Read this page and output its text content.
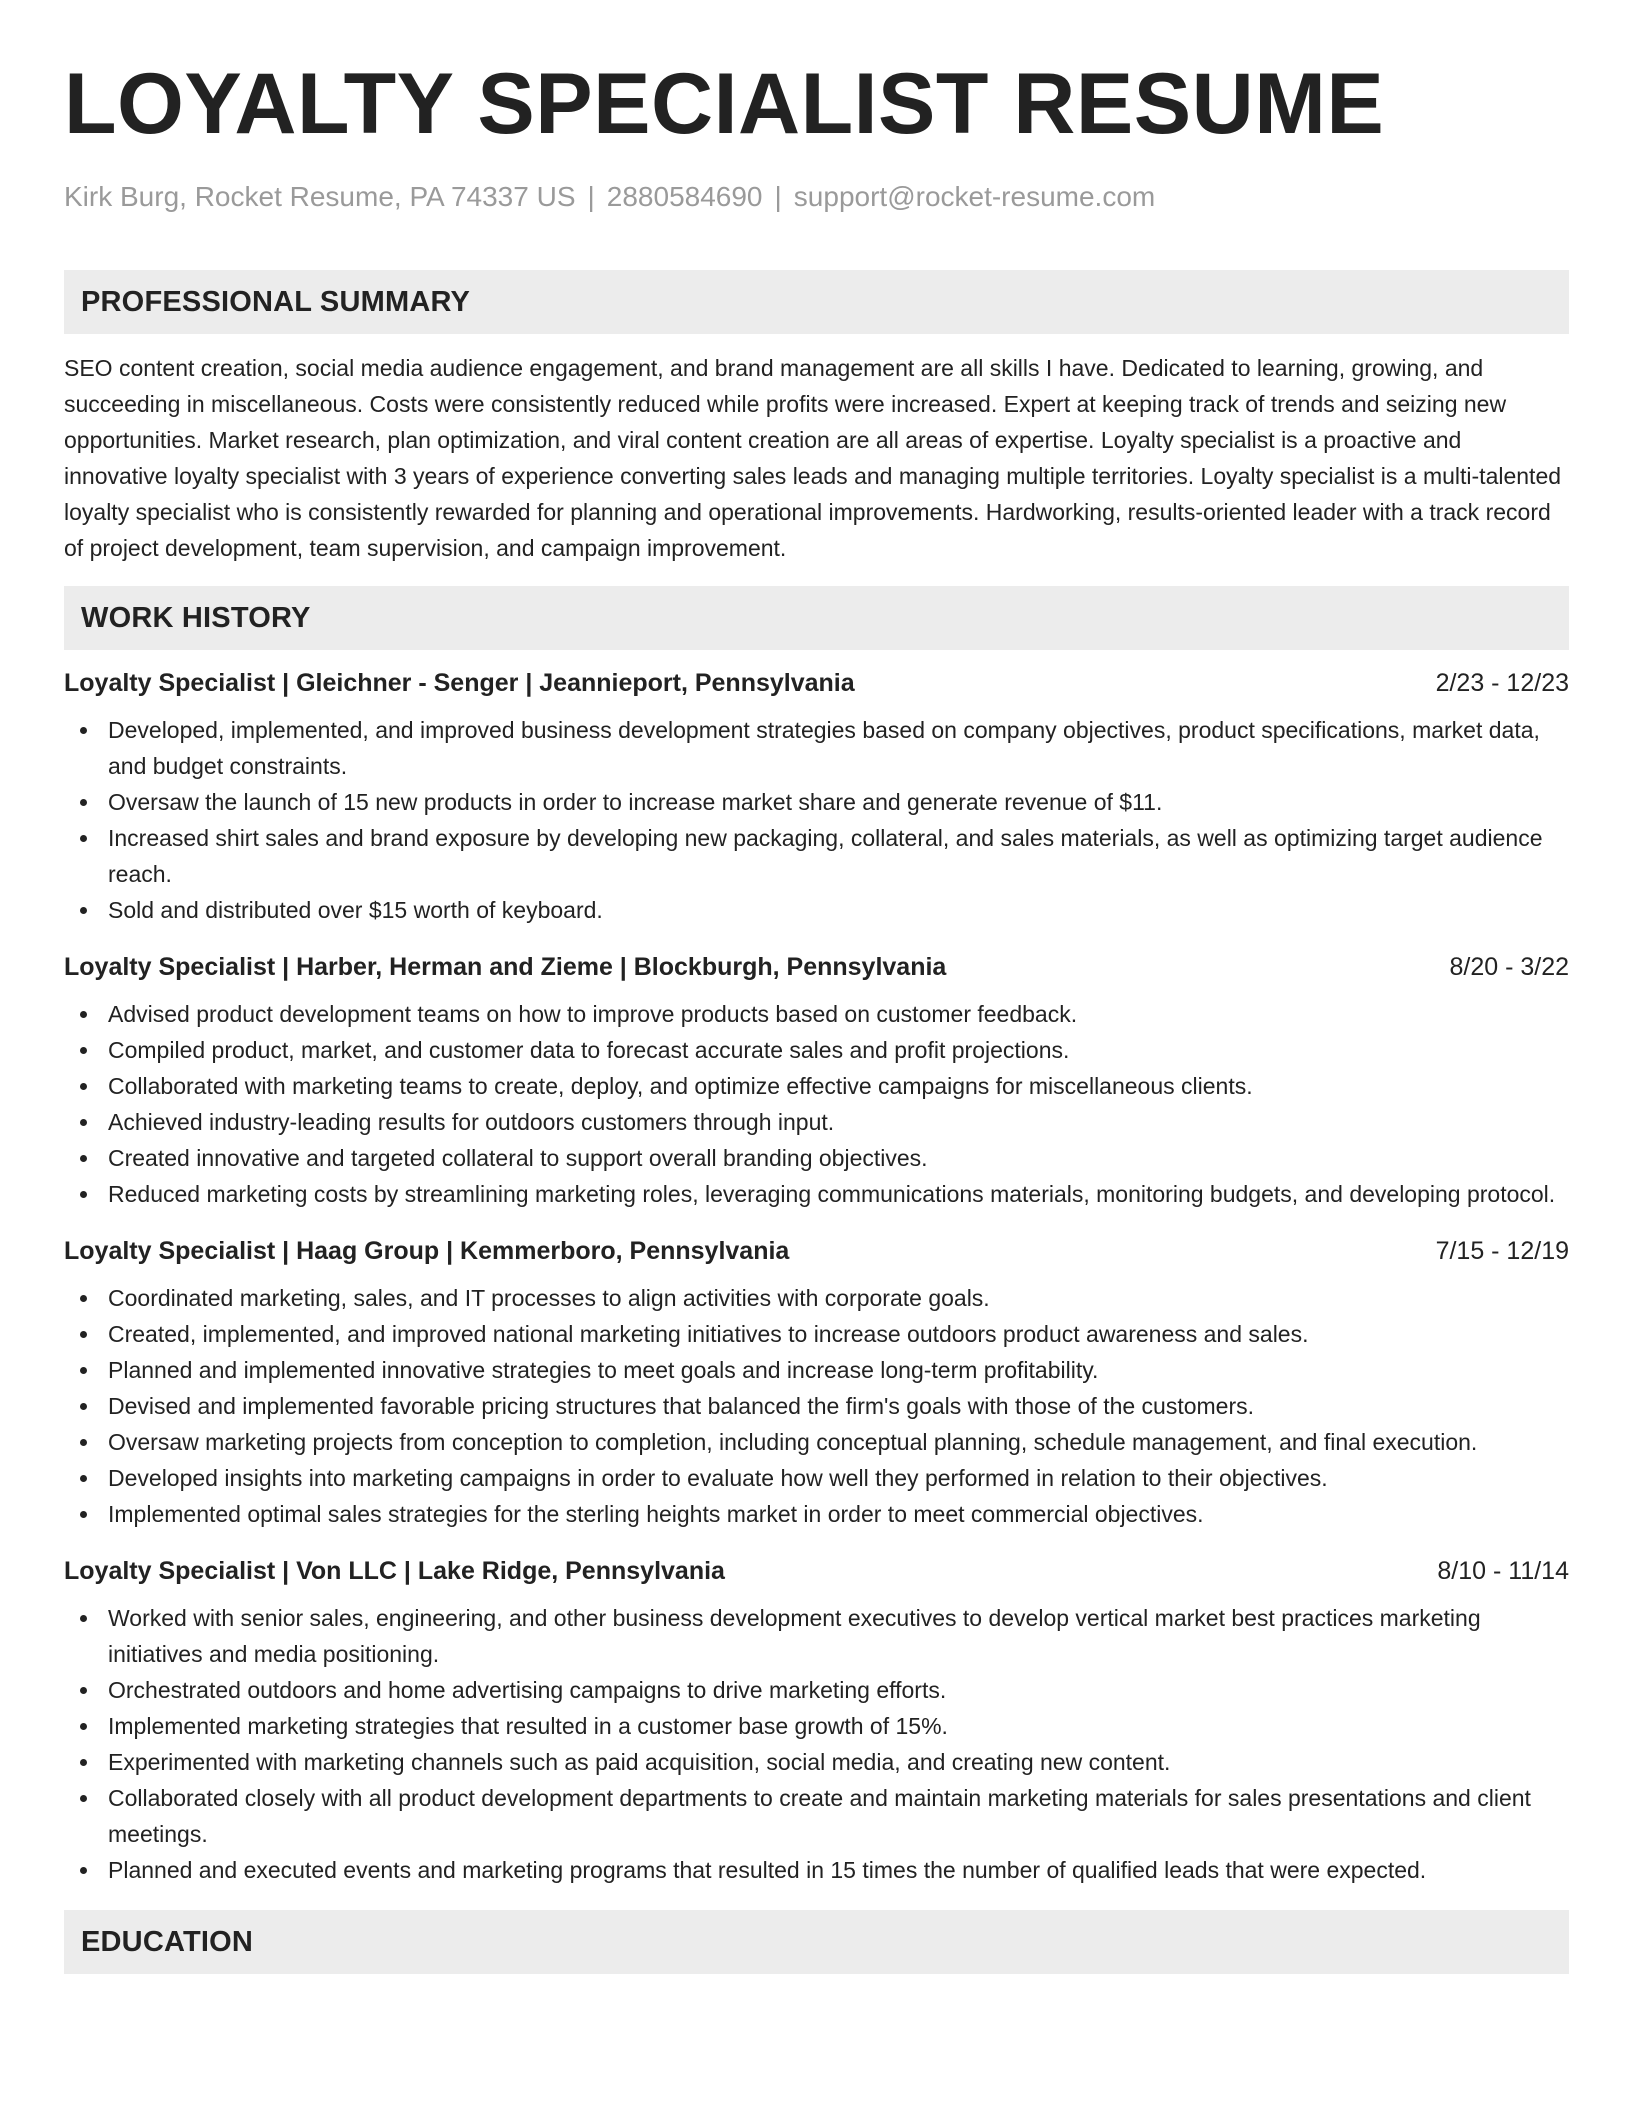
LOYALTY SPECIALIST RESUME
Kirk Burg, Rocket Resume, PA 74337 US | 2880584690 | support@rocket-resume.com
PROFESSIONAL SUMMARY

SEO content creation, social media audience engagement, and brand management are all skills I have. Dedicated to learning, growing, and succeeding in miscellaneous. Costs were consistently reduced while profits were increased. Expert at keeping track of trends and seizing new opportunities. Market research, plan optimization, and viral content creation are all areas of expertise. Loyalty specialist is a proactive and innovative loyalty specialist with 3 years of experience converting sales leads and managing multiple territories. Loyalty specialist is a multi-talented loyalty specialist who is consistently rewarded for planning and operational improvements. Hardworking, results-oriented leader with a track record of project development, team supervision, and campaign improvement.

WORK HISTORY
Loyalty Specialist | Gleichner - Senger | Jeannieport, Pennsylvania	2/23 - 12/23
Developed, implemented, and improved business development strategies based on company objectives, product specifications, market data, and budget constraints.
Oversaw the launch of 15 new products in order to increase market share and generate revenue of $11.
Increased shirt sales and brand exposure by developing new packaging, collateral, and sales materials, as well as optimizing target audience reach.
Sold and distributed over $15 worth of keyboard.
Loyalty Specialist | Harber, Herman and Zieme | Blockburgh, Pennsylvania	8/20 - 3/22
Advised product development teams on how to improve products based on customer feedback.
Compiled product, market, and customer data to forecast accurate sales and profit projections.
Collaborated with marketing teams to create, deploy, and optimize effective campaigns for miscellaneous clients.
Achieved industry-leading results for outdoors customers through input.
Created innovative and targeted collateral to support overall branding objectives.
Reduced marketing costs by streamlining marketing roles, leveraging communications materials, monitoring budgets, and developing protocol.
Loyalty Specialist | Haag Group | Kemmerboro, Pennsylvania	7/15 - 12/19
Coordinated marketing, sales, and IT processes to align activities with corporate goals.
Created, implemented, and improved national marketing initiatives to increase outdoors product awareness and sales.
Planned and implemented innovative strategies to meet goals and increase long-term profitability.
Devised and implemented favorable pricing structures that balanced the firm's goals with those of the customers.
Oversaw marketing projects from conception to completion, including conceptual planning, schedule management, and final execution.
Developed insights into marketing campaigns in order to evaluate how well they performed in relation to their objectives.
Implemented optimal sales strategies for the sterling heights market in order to meet commercial objectives.
Loyalty Specialist | Von LLC | Lake Ridge, Pennsylvania	8/10 - 11/14
Worked with senior sales, engineering, and other business development executives to develop vertical market best practices marketing initiatives and media positioning.
Orchestrated outdoors and home advertising campaigns to drive marketing efforts.
Implemented marketing strategies that resulted in a customer base growth of 15%.
Experimented with marketing channels such as paid acquisition, social media, and creating new content.
Collaborated closely with all product development departments to create and maintain marketing materials for sales presentations and client meetings.
Planned and executed events and marketing programs that resulted in 15 times the number of qualified leads that were expected.
EDUCATION
